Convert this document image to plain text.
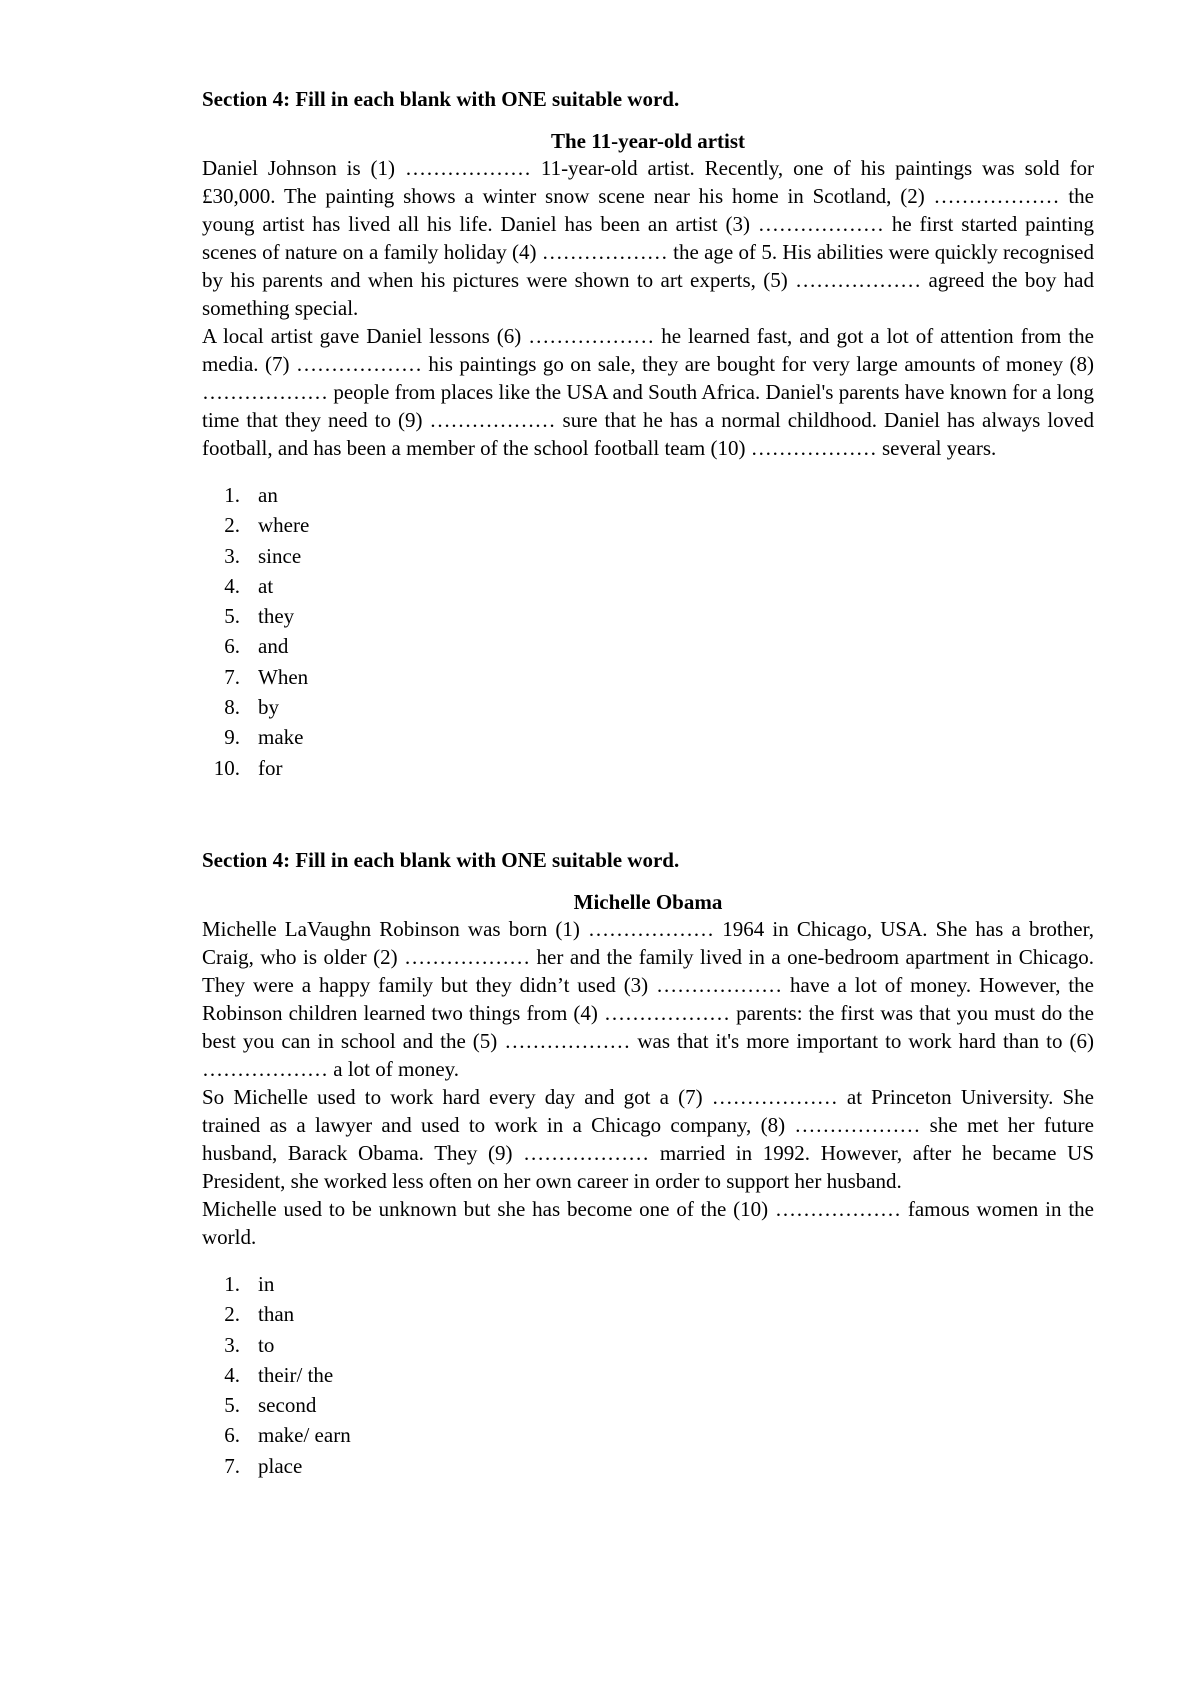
Section 4: Fill in each blank with ONE suitable word.

The 11-year-old artist

Daniel Johnson is (1) ……………… 11-year-old artist. Recently, one of his paintings was sold for £30,000. The painting shows a winter snow scene near his home in Scotland, (2) ……………… the young artist has lived all his life. Daniel has been an artist (3) ……………… he first started painting scenes of nature on a family holiday (4) ……………… the age of 5. His abilities were quickly recognised by his parents and when his pictures were shown to art experts, (5) ……………… agreed the boy had something special.

A local artist gave Daniel lessons (6) ……………… he learned fast, and got a lot of attention from the media. (7) ……………… his paintings go on sale, they are bought for very large amounts of money (8) ……………… people from places like the USA and South Africa. Daniel's parents have known for a long time that they need to (9) ……………… sure that he has a normal childhood. Daniel has always loved football, and has been a member of the school football team (10) ……………… several years.

1. an
2. where
3. since
4. at
5. they
6. and
7. When
8. by
9. make
10. for

Section 4: Fill in each blank with ONE suitable word.

Michelle Obama

Michelle LaVaughn Robinson was born (1) ……………… 1964 in Chicago, USA. She has a brother, Craig, who is older (2) ……………… her and the family lived in a one-bedroom apartment in Chicago. They were a happy family but they didn’t used (3) ……………… have a lot of money. However, the Robinson children learned two things from (4) ……………… parents: the first was that you must do the best you can in school and the (5) ……………… was that it's more important to work hard than to (6) ……………… a lot of money.

So Michelle used to work hard every day and got a (7) ……………… at Princeton University. She trained as a lawyer and used to work in a Chicago company, (8) ……………… she met her future husband, Barack Obama. They (9) ……………… married in 1992. However, after he became US President, she worked less often on her own career in order to support her husband.

Michelle used to be unknown but she has become one of the (10) ……………… famous women in the world.

1. in
2. than
3. to
4. their/ the
5. second
6. make/ earn
7. place
